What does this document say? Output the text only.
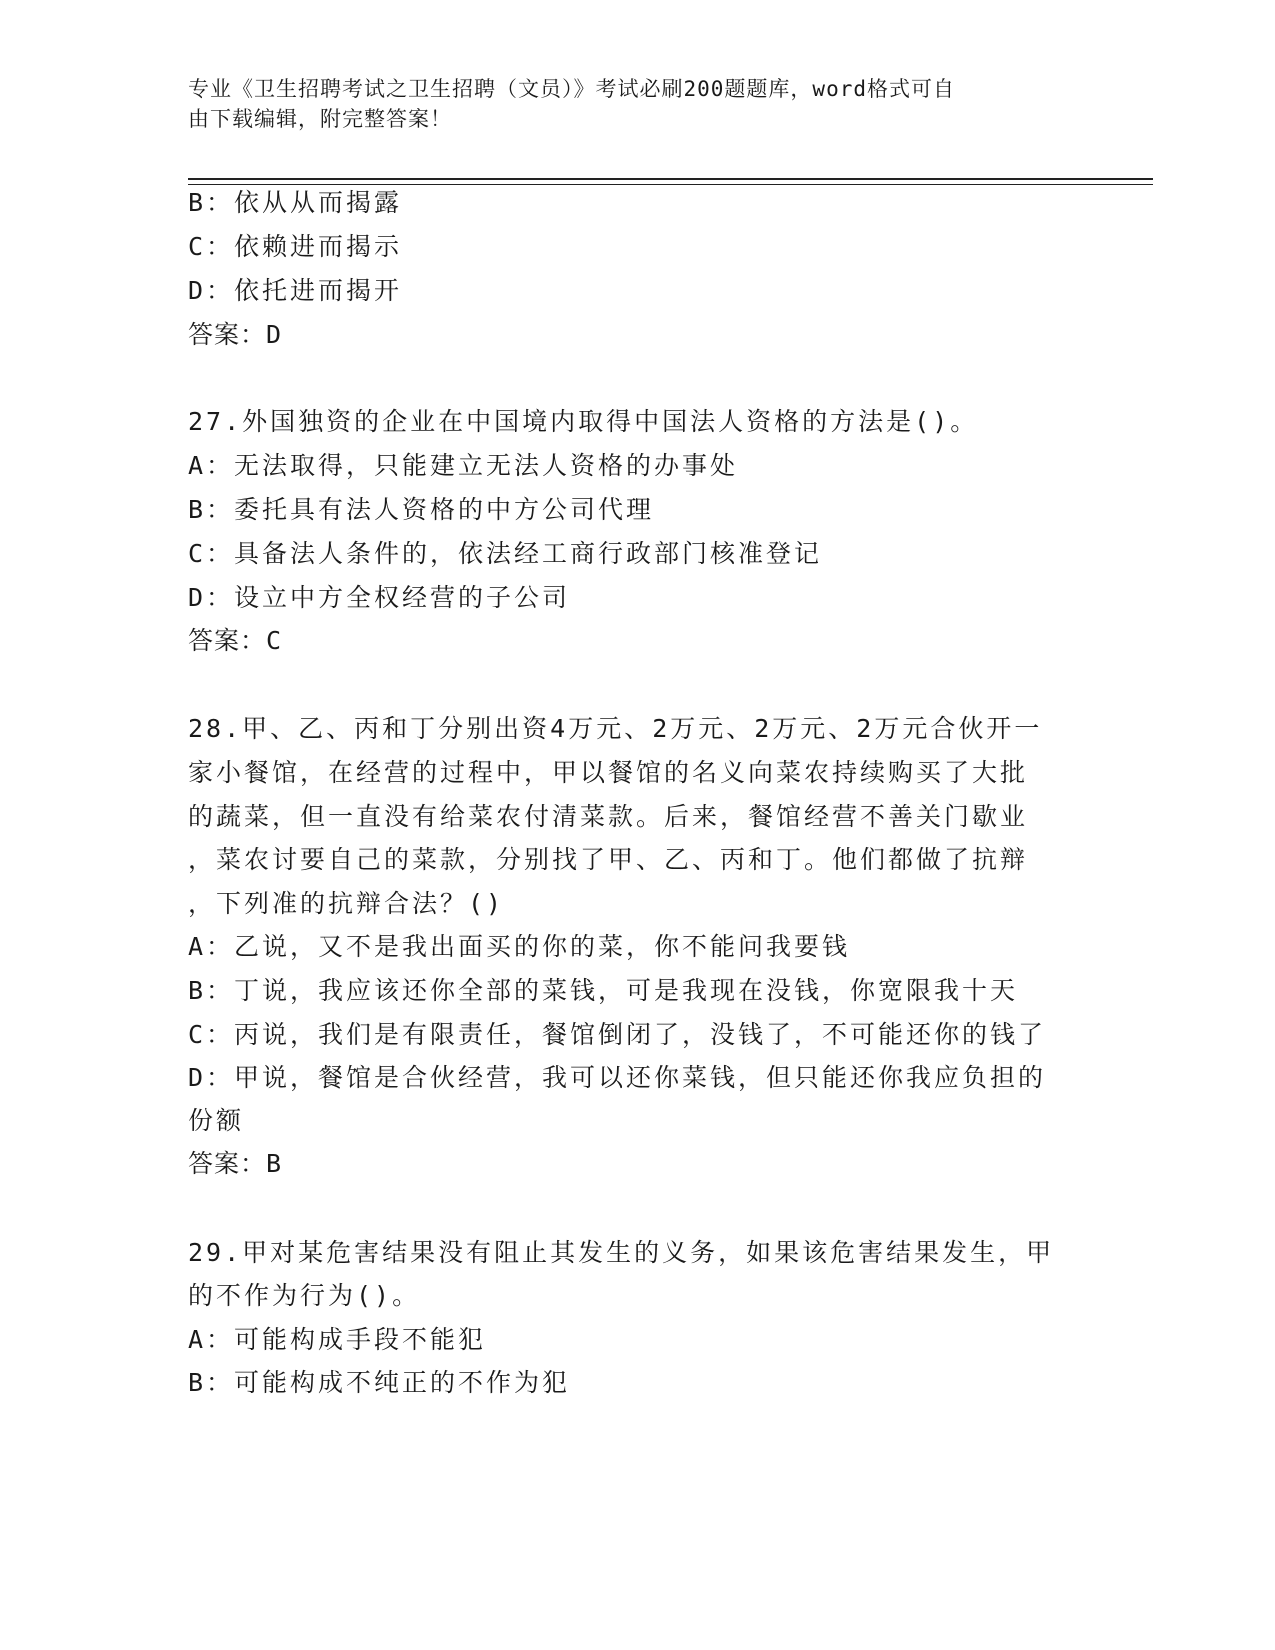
专业《卫生招聘考试之卫生招聘（文员）》考试必刷200题题库，word格式可自
由下载编辑，附完整答案！
B：依从从而揭露
C：依赖进而揭示
D：依托进而揭开
答案：D
27.外国独资的企业在中国境内取得中国法人资格的方法是()。
A：无法取得，只能建立无法人资格的办事处
B：委托具有法人资格的中方公司代理
C：具备法人条件的，依法经工商行政部门核准登记
D：设立中方全权经营的子公司
答案：C
28.甲、乙、丙和丁分别出资4万元、2万元、2万元、2万元合伙开一
家小餐馆，在经营的过程中，甲以餐馆的名义向菜农持续购买了大批
的蔬菜，但一直没有给菜农付清菜款。后来，餐馆经营不善关门歇业
，菜农讨要自己的菜款，分别找了甲、乙、丙和丁。他们都做了抗辩
，下列准的抗辩合法？()
A：乙说，又不是我出面买的你的菜，你不能问我要钱
B：丁说，我应该还你全部的菜钱，可是我现在没钱，你宽限我十天
C：丙说，我们是有限责任，餐馆倒闭了，没钱了，不可能还你的钱了
D：甲说，餐馆是合伙经营，我可以还你菜钱，但只能还你我应负担的
份额
答案：B
29.甲对某危害结果没有阻止其发生的义务，如果该危害结果发生，甲
的不作为行为()。
A：可能构成手段不能犯
B：可能构成不纯正的不作为犯
